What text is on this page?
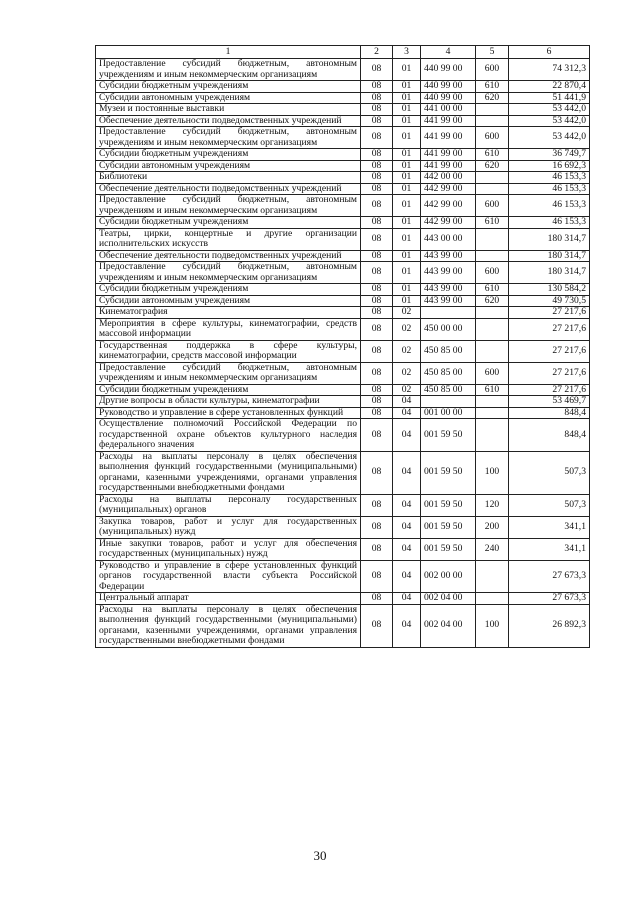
1	2	3	4	5	6
Предоставление субсидий бюджетным, автономным учреждениям и иным некоммерческим организациям	08	01	440 99 00	600	74 312,3
Субсидии бюджетным учреждениям	08	01	440 99 00	610	22 870,4
Субсидии автономным учреждениям	08	01	440 99 00	620	51 441,9
Музеи и постоянные выставки	08	01	441 00 00		53 442,0
Обеспечение деятельности подведомственных учреждений	08	01	441 99 00		53 442,0
Предоставление субсидий бюджетным, автономным учреждениям и иным некоммерческим организациям	08	01	441 99 00	600	53 442,0
Субсидии бюджетным учреждениям	08	01	441 99 00	610	36 749,7
Субсидии автономным учреждениям	08	01	441 99 00	620	16 692,3
Библиотеки	08	01	442 00 00		46 153,3
Обеспечение деятельности подведомственных учреждений	08	01	442 99 00		46 153,3
Предоставление субсидий бюджетным, автономным учреждениям и иным некоммерческим организациям	08	01	442 99 00	600	46 153,3
Субсидии бюджетным учреждениям	08	01	442 99 00	610	46 153,3
Театры, цирки, концертные и другие организации исполнительских искусств	08	01	443 00 00		180 314,7
Обеспечение деятельности подведомственных учреждений	08	01	443 99 00		180 314,7
Предоставление субсидий бюджетным, автономным учреждениям и иным некоммерческим организациям	08	01	443 99 00	600	180 314,7
Субсидии бюджетным учреждениям	08	01	443 99 00	610	130 584,2
Субсидии автономным учреждениям	08	01	443 99 00	620	49 730,5
Кинематография	08	02			27 217,6
Мероприятия в сфере культуры, кинематографии, средств массовой информации	08	02	450 00 00		27 217,6
Государственная поддержка в сфере культуры, кинематографии, средств массовой информации	08	02	450 85 00		27 217,6
Предоставление субсидий бюджетным, автономным учреждениям и иным некоммерческим организациям	08	02	450 85 00	600	27 217,6
Субсидии бюджетным учреждениям	08	02	450 85 00	610	27 217,6
Другие вопросы в области культуры, кинематографии	08	04			53 469,7
Руководство и управление в сфере установленных функций	08	04	001 00 00		848,4
Осуществление полномочий Российской Федерации по государственной охране объектов культурного наследия федерального значения	08	04	001 59 50		848,4
Расходы на выплаты персоналу в целях обеспечения выполнения функций государственными (муниципальными) органами, казенными учреждениями, органами управления государственными внебюджетными фондами	08	04	001 59 50	100	507,3
Расходы на выплаты персоналу государственных (муниципальных) органов	08	04	001 59 50	120	507,3
Закупка товаров, работ и услуг для государственных (муниципальных) нужд	08	04	001 59 50	200	341,1
Иные закупки товаров, работ и услуг для обеспечения государственных (муниципальных) нужд	08	04	001 59 50	240	341,1
Руководство и управление в сфере установленных функций органов государственной власти субъекта Российской Федерации	08	04	002 00 00		27 673,3
Центральный аппарат	08	04	002 04 00		27 673,3
Расходы на выплаты персоналу в целях обеспечения выполнения функций государственными (муниципальными) органами, казенными учреждениями, органами управления государственными внебюджетными фондами	08	04	002 04 00	100	26 892,3
30
